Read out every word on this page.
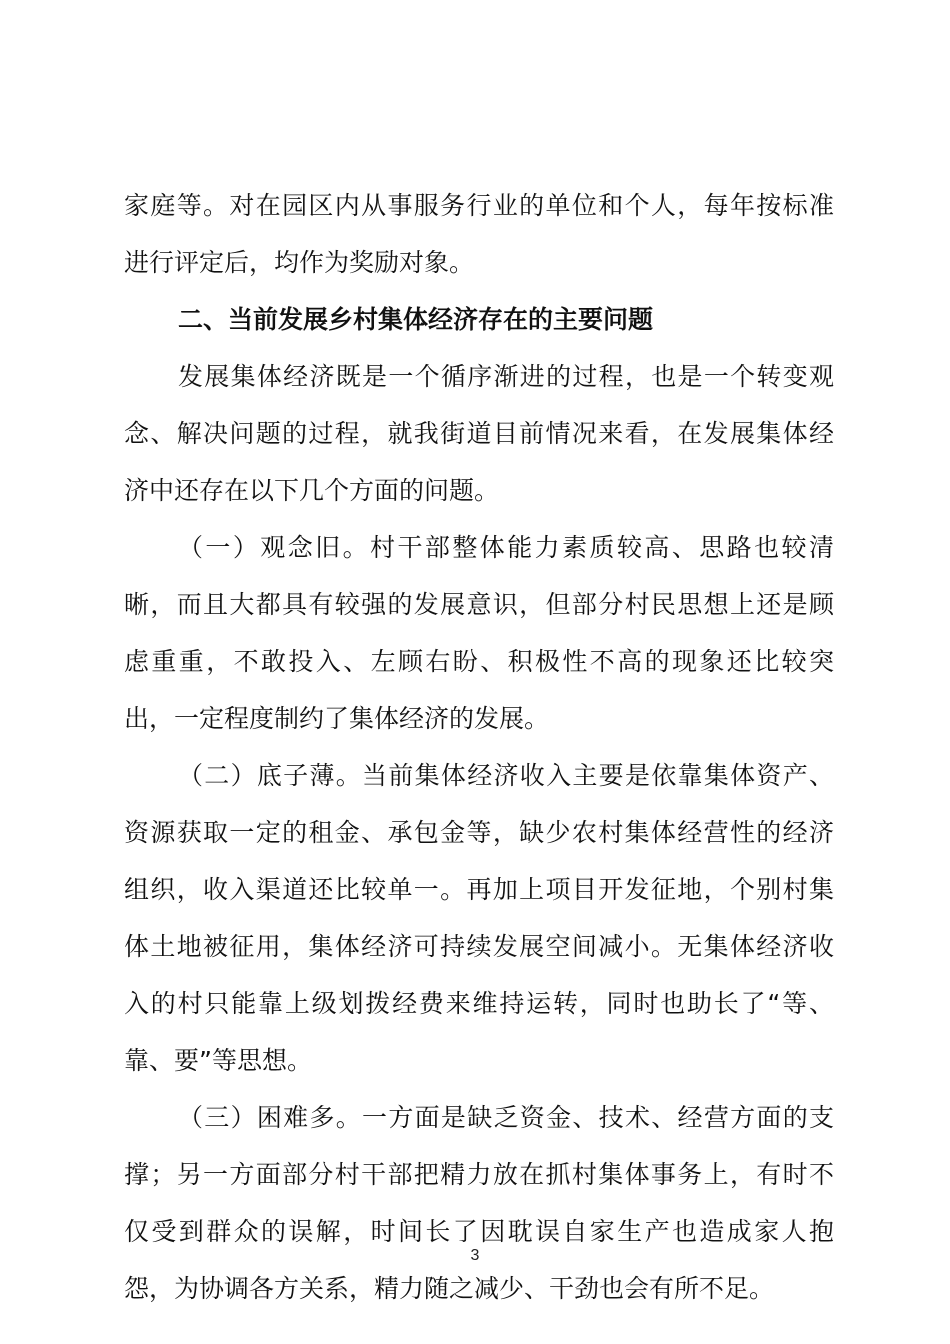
家庭等。对在园区内从事服务行业的单位和个人，每年按标准
进行评定后，均作为奖励对象。
二、当前发展乡村集体经济存在的主要问题
发展集体经济既是一个循序渐进的过程，也是一个转变观
念、解决问题的过程，就我街道目前情况来看，在发展集体经
济中还存在以下几个方面的问题。
（一）观念旧。村干部整体能力素质较高、思路也较清
晰，而且大都具有较强的发展意识，但部分村民思想上还是顾
虑重重，不敢投入、左顾右盼、积极性不高的现象还比较突
出，一定程度制约了集体经济的发展。
（二）底子薄。当前集体经济收入主要是依靠集体资产、
资源获取一定的租金、承包金等，缺少农村集体经营性的经济
组织，收入渠道还比较单一。再加上项目开发征地，个别村集
体土地被征用，集体经济可持续发展空间减小。无集体经济收
入的村只能靠上级划拨经费来维持运转，同时也助长了“等、
靠、要”等思想。
（三）困难多。一方面是缺乏资金、技术、经营方面的支
撑；另一方面部分村干部把精力放在抓村集体事务上，有时不
仅受到群众的误解，时间长了因耽误自家生产也造成家人抱
怨，为协调各方关系，精力随之减少、干劲也会有所不足。
3
